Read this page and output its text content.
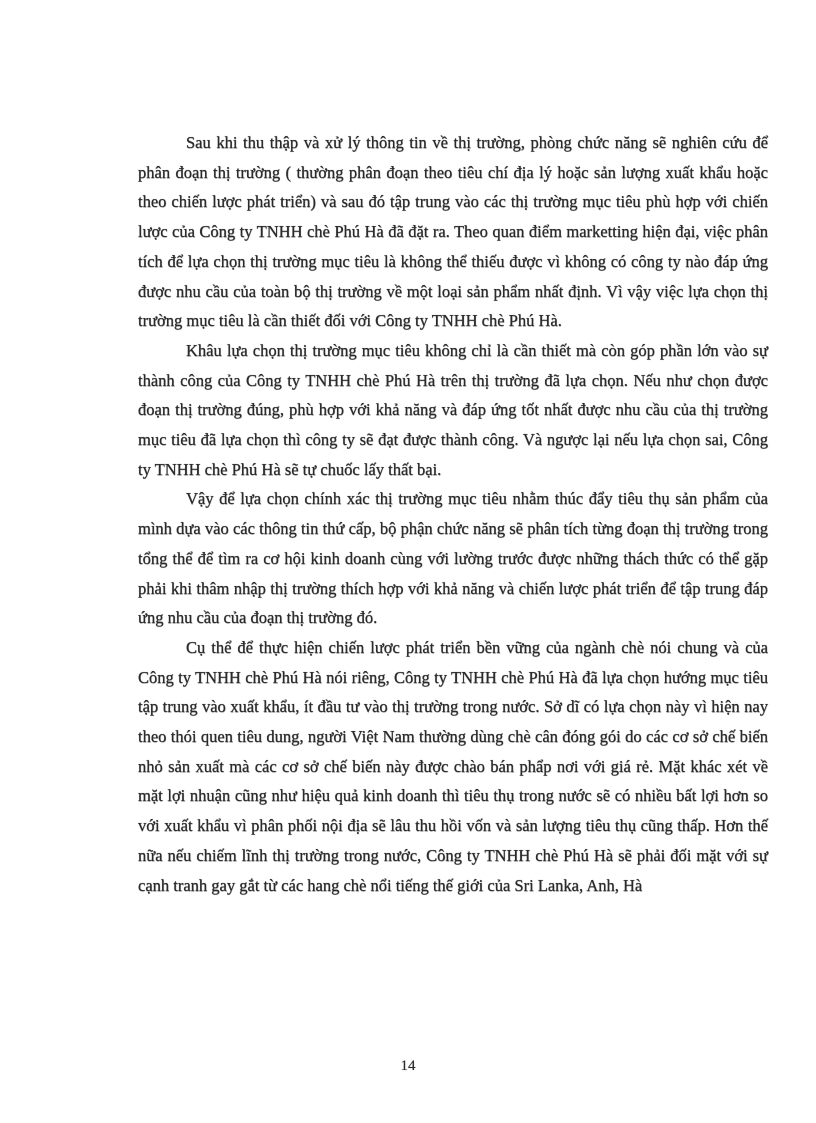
Sau khi thu thập và xử lý thông tin về thị trường, phòng chức năng sẽ nghiên cứu để phân đoạn thị trường ( thường phân đoạn theo tiêu chí địa lý hoặc sản lượng xuất khẩu hoặc theo chiến lược phát triển) và sau đó tập trung vào các thị trường mục tiêu phù hợp với chiến lược của Công ty TNHH chè Phú Hà đã đặt ra. Theo quan điểm marketting hiện đại, việc phân tích để lựa chọn thị trường mục tiêu là không thể thiếu được vì không có công ty nào đáp ứng được nhu cầu của toàn bộ thị trường về một loại sản phẩm nhất định. Vì vậy việc lựa chọn thị trường mục tiêu là cần thiết đối với Công ty TNHH chè Phú Hà.

Khâu lựa chọn thị trường mục tiêu không chỉ là cần thiết mà còn góp phần lớn vào sự thành công của Công ty TNHH chè Phú Hà trên thị trường đã lựa chọn. Nếu như chọn được đoạn thị trường đúng, phù hợp với khả năng và đáp ứng tốt nhất được nhu cầu của thị trường mục tiêu đã lựa chọn thì công ty sẽ đạt được thành công. Và ngược lại nếu lựa chọn sai, Công ty TNHH chè Phú Hà sẽ tự chuốc lấy thất bại.

Vậy để lựa chọn chính xác thị trường mục tiêu nhằm thúc đẩy tiêu thụ sản phẩm của mình dựa vào các thông tin thứ cấp, bộ phận chức năng sẽ phân tích từng đoạn thị trường trong tổng thể để tìm ra cơ hội kinh doanh cùng với lường trước được những thách thức có thể gặp phải khi thâm nhập thị trường thích hợp với khả năng và chiến lược phát triển để tập trung đáp ứng nhu cầu của đoạn thị trường đó.

Cụ thể để thực hiện chiến lược phát triển bền vững của ngành chè nói chung và của Công ty TNHH chè Phú Hà nói riêng, Công ty TNHH chè Phú Hà đã lựa chọn hướng mục tiêu tập trung vào xuất khẩu, ít đầu tư vào thị trường trong nước. Sở dĩ có lựa chọn này vì hiện nay theo thói quen tiêu dung, người Việt Nam thường dùng chè cân đóng gói do các cơ sở chế biến nhỏ sản xuất mà các cơ sở chế biến này được chào bán phẩp nơi với giá rẻ. Mặt khác xét về mặt lợi nhuận cũng như hiệu quả kinh doanh thì tiêu thụ trong nước sẽ có nhiều bất lợi hơn so với xuất khẩu vì phân phối nội địa sẽ lâu thu hồi vốn và sản lượng tiêu thụ cũng thấp. Hơn thế nữa nếu chiếm lĩnh thị trường trong nước, Công ty TNHH chè Phú Hà sẽ phải đối mặt với sự cạnh tranh gay gắt từ các hang chè nổi tiếng thế giới của Sri Lanka, Anh, Hà

14
